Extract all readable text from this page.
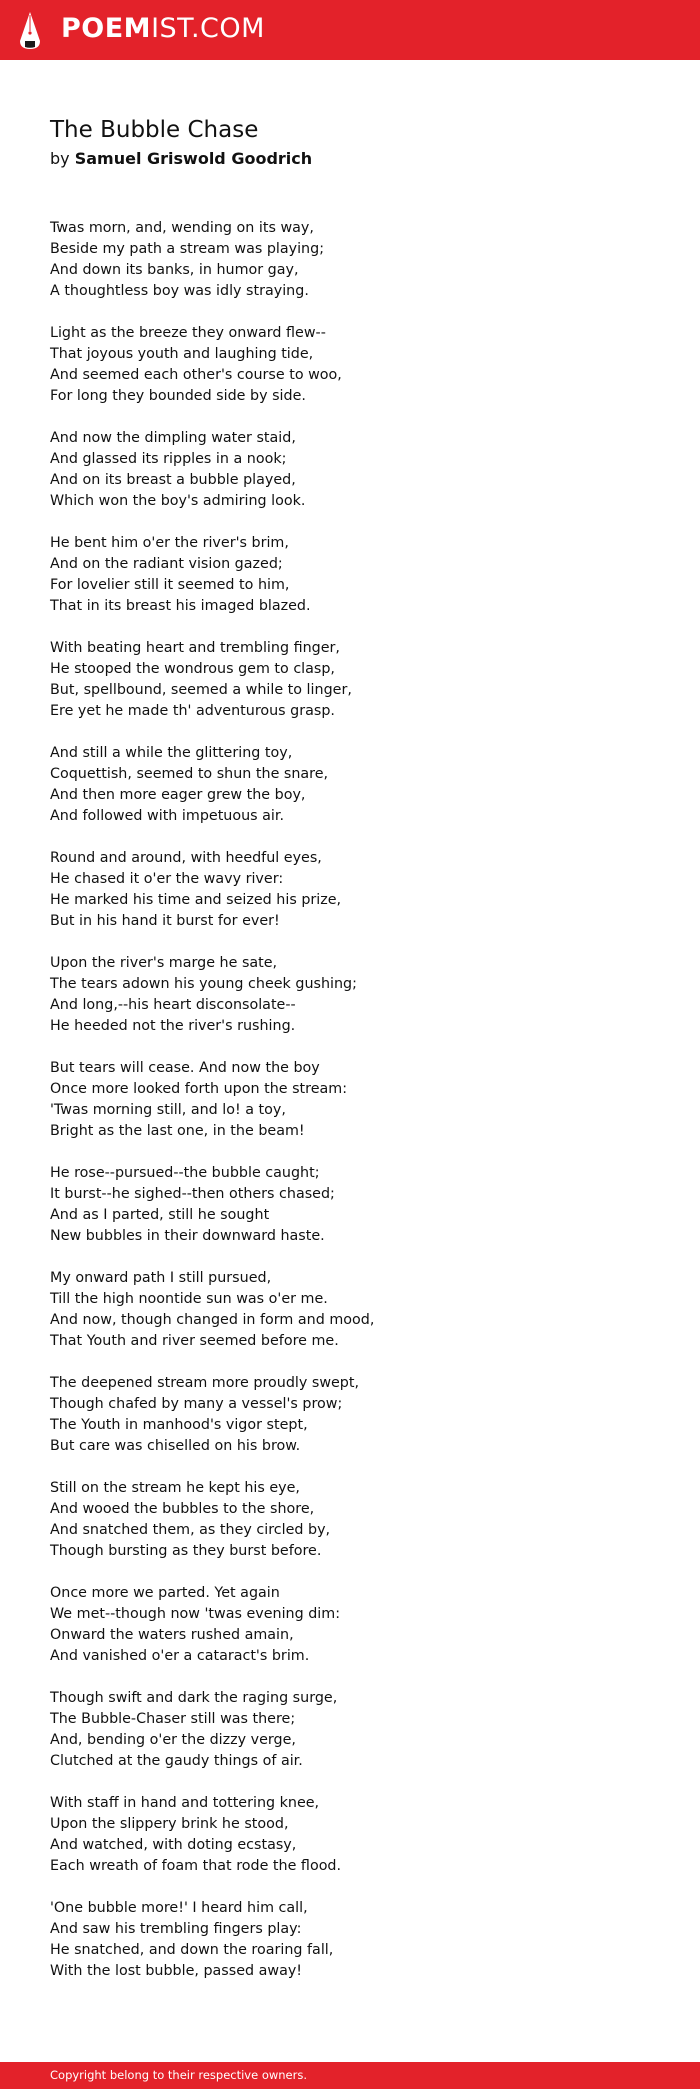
POEMIST.COM
The Bubble Chase
by Samuel Griswold Goodrich
Twas morn, and, wending on its way,
Beside my path a stream was playing;
And down its banks, in humor gay,
A thoughtless boy was idly straying.
Light as the breeze they onward flew--
That joyous youth and laughing tide,
And seemed each other's course to woo,
For long they bounded side by side.
And now the dimpling water staid,
And glassed its ripples in a nook;
And on its breast a bubble played,
Which won the boy's admiring look.
He bent him o'er the river's brim,
And on the radiant vision gazed;
For lovelier still it seemed to him,
That in its breast his imaged blazed.
With beating heart and trembling finger,
He stooped the wondrous gem to clasp,
But, spellbound, seemed a while to linger,
Ere yet he made th' adventurous grasp.
And still a while the glittering toy,
Coquettish, seemed to shun the snare,
And then more eager grew the boy,
And followed with impetuous air.
Round and around, with heedful eyes,
He chased it o'er the wavy river:
He marked his time and seized his prize,
But in his hand it burst for ever!
Upon the river's marge he sate,
The tears adown his young cheek gushing;
And long,--his heart disconsolate--
He heeded not the river's rushing.
But tears will cease. And now the boy
Once more looked forth upon the stream:
'Twas morning still, and lo! a toy,
Bright as the last one, in the beam!
He rose--pursued--the bubble caught;
It burst--he sighed--then others chased;
And as I parted, still he sought
New bubbles in their downward haste.
My onward path I still pursued,
Till the high noontide sun was o'er me.
And now, though changed in form and mood,
That Youth and river seemed before me.
The deepened stream more proudly swept,
Though chafed by many a vessel's prow;
The Youth in manhood's vigor stept,
But care was chiselled on his brow.
Still on the stream he kept his eye,
And wooed the bubbles to the shore,
And snatched them, as they circled by,
Though bursting as they burst before.
Once more we parted. Yet again
We met--though now 'twas evening dim:
Onward the waters rushed amain,
And vanished o'er a cataract's brim.
Though swift and dark the raging surge,
The Bubble-Chaser still was there;
And, bending o'er the dizzy verge,
Clutched at the gaudy things of air.
With staff in hand and tottering knee,
Upon the slippery brink he stood,
And watched, with doting ecstasy,
Each wreath of foam that rode the flood.
'One bubble more!' I heard him call,
And saw his trembling fingers play:
He snatched, and down the roaring fall,
With the lost bubble, passed away!
Copyright belong to their respective owners.
